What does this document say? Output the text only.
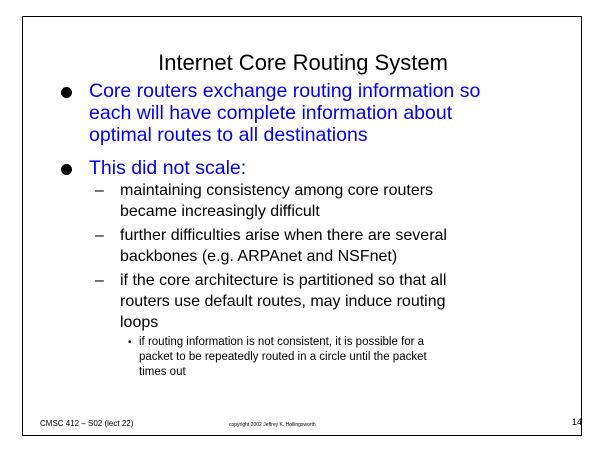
Internet Core Routing System
Core routers exchange routing information so
each will have complete information about
optimal routes to all destinations
This did not scale:
– maintaining consistency among core routers
became increasingly difficult
– further difficulties arise when there are several
backbones (e.g. ARPAnet and NSFnet)
– if the core architecture is partitioned so that all
routers use default routes, may induce routing
loops
• if routing information is not consistent, it is possible for a
packet to be repeatedly routed in a circle until the packet
times out
CMSC 412 – S02 (lect 22)	copyright 2002 Jeffrey K. Hollingsworth	14
